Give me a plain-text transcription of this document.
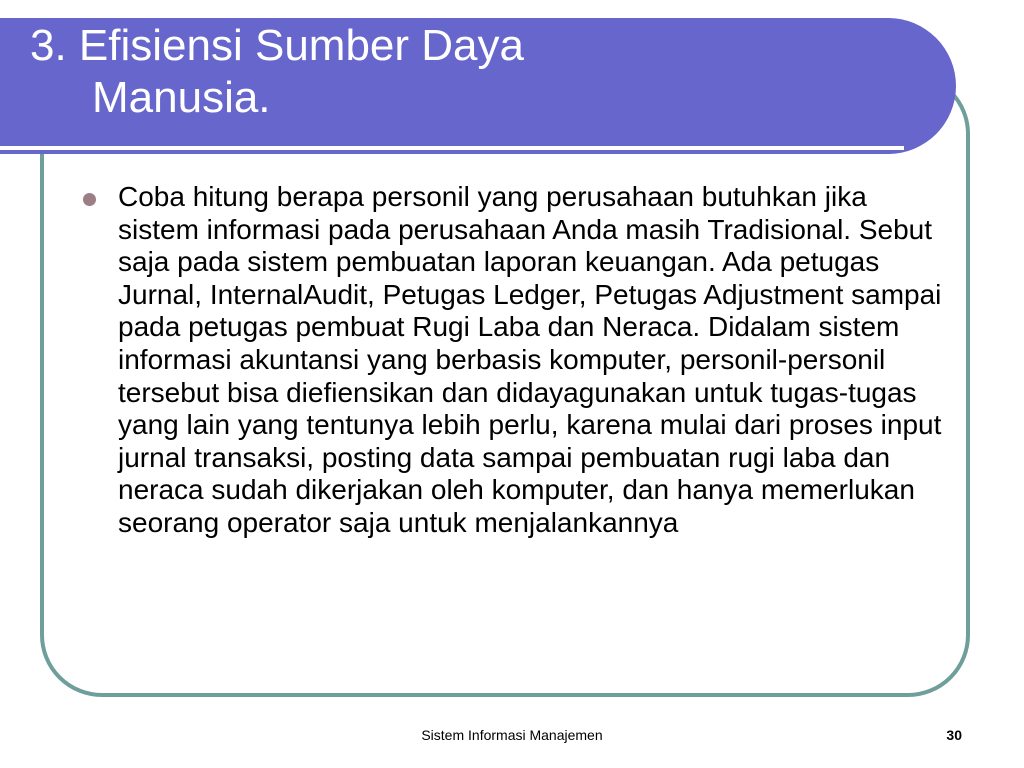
3. Efisiensi Sumber Daya
Manusia.

Coba hitung berapa personil yang perusahaan butuhkan jika sistem informasi pada perusahaan Anda masih Tradisional. Sebut saja pada sistem pembuatan laporan keuangan. Ada petugas Jurnal, InternalAudit, Petugas Ledger, Petugas Adjustment sampai pada petugas pembuat Rugi Laba dan Neraca. Didalam sistem informasi akuntansi yang berbasis komputer, personil-personil tersebut bisa diefiensikan dan didayagunakan untuk tugas-tugas yang lain yang tentunya lebih perlu, karena mulai dari proses input jurnal transaksi, posting data sampai pembuatan rugi laba dan neraca sudah dikerjakan oleh komputer, dan hanya memerlukan seorang operator saja untuk menjalankannya

Sistem Informasi Manajemen	30
